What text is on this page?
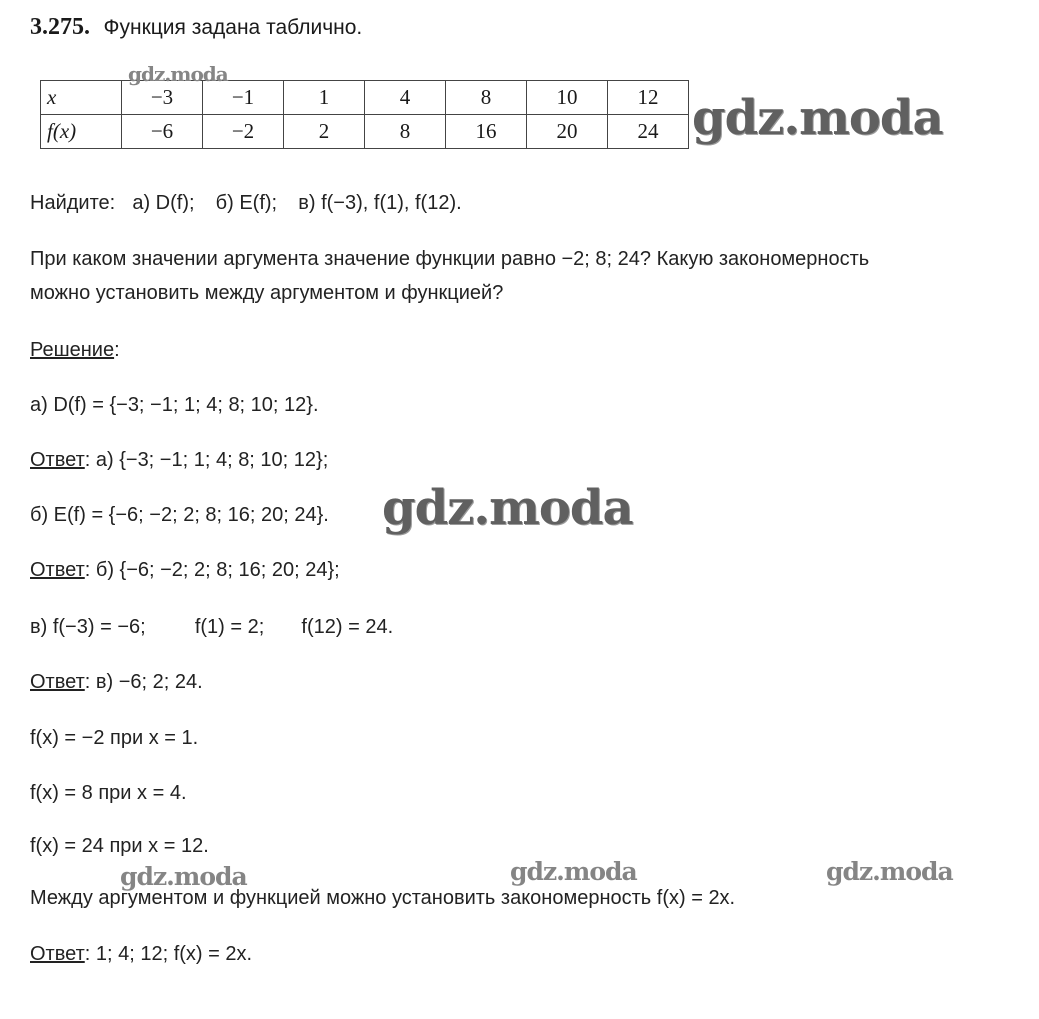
3.275. Функция задана таблично.
x	−3	−1	1	4	8	10	12
f(x)	−6	−2	2	8	16	20	24
Найдите: а) D(f); б) E(f); в) f(−3), f(1), f(12).
При каком значении аргумента значение функции равно −2; 8; 24? Какую закономерность
можно установить между аргументом и функцией?
Решение:
а) D(f) = {−3; −1; 1; 4; 8; 10; 12}.
Ответ: а) {−3; −1; 1; 4; 8; 10; 12};
б) E(f) = {−6; −2; 2; 8; 16; 20; 24}.
Ответ: б) {−6; −2; 2; 8; 16; 20; 24};
в) f(−3) = −6; f(1) = 2; f(12) = 24.
Ответ: в) −6; 2; 24.
f(x) = −2 при x = 1.
f(x) = 8 при x = 4.
f(x) = 24 при x = 12.
Между аргументом и функцией можно установить закономерность f(x) = 2x.
Ответ: 1; 4; 12; f(x) = 2x.
gdz.moda
gdz.moda
gdz.moda
gdz.moda	gdz.moda	gdz.moda
